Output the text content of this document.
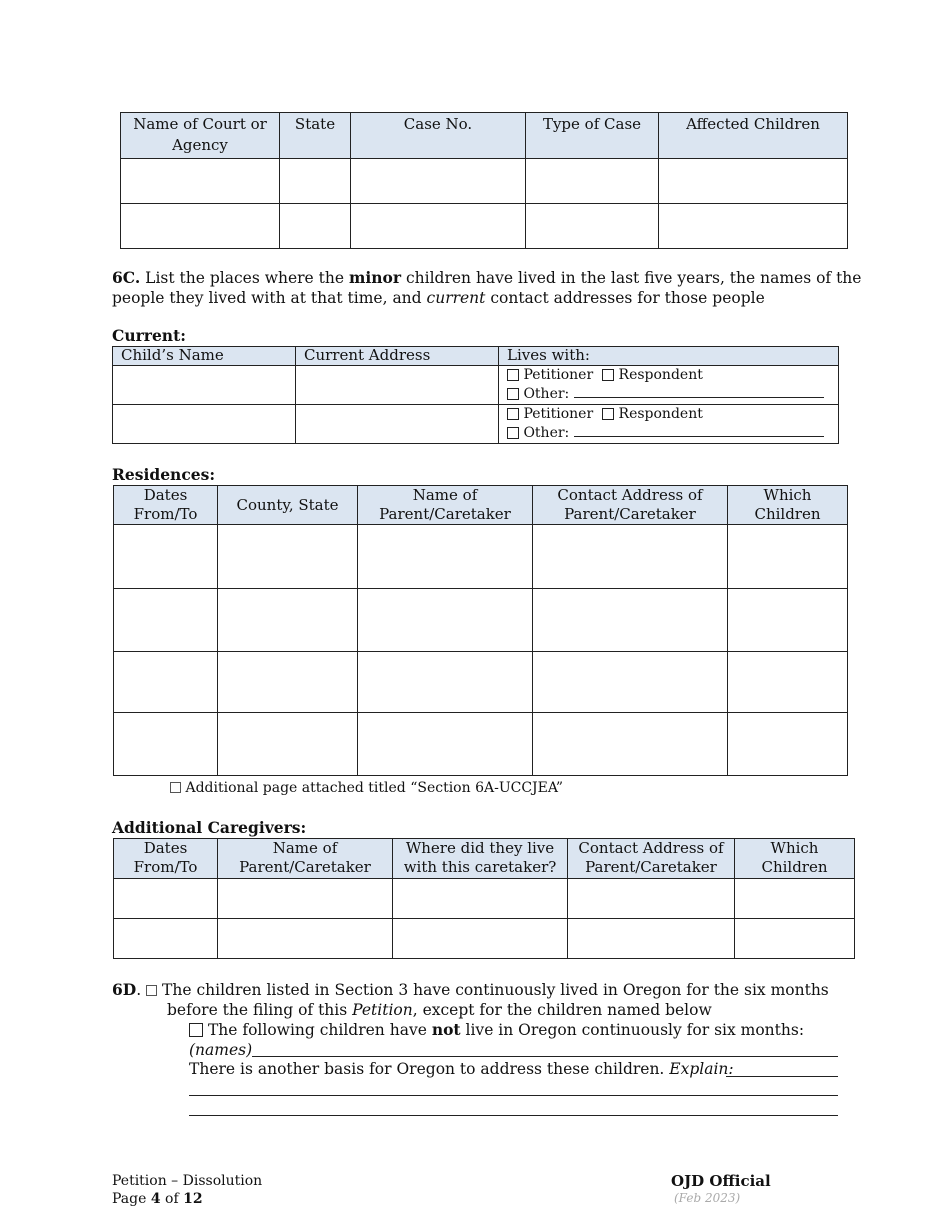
Name of Court or Agency	State	Case No.	Type of Case	Affected Children

6C. List the places where the minor children have lived in the last five years, the names of the
people they lived with at that time, and current contact addresses for those people
Current:
Child’s Name	Current Address	Lives with:
		Petitioner Respondent
Other:
		Petitioner Respondent
Other:
Residences:
Dates
From/To	County, State	Name of
Parent/Caretaker	Contact Address of
Parent/Caretaker	Which
Children

Additional page attached titled “Section 6A-UCCJEA”
Additional Caregivers:
Dates
From/To	Name of
Parent/Caretaker	Where did they live
with this caretaker?	Contact Address of
Parent/Caretaker	Which
Children

6D. The children listed in Section 3 have continuously lived in Oregon for the six months
before the filing of this Petition, except for the children named below
The following children have not live in Oregon continuously for six months:
(names)
There is another basis for Oregon to address these children. Explain:
Petition – Dissolution
Page 4 of 12
OJD Official
(Feb 2023)
